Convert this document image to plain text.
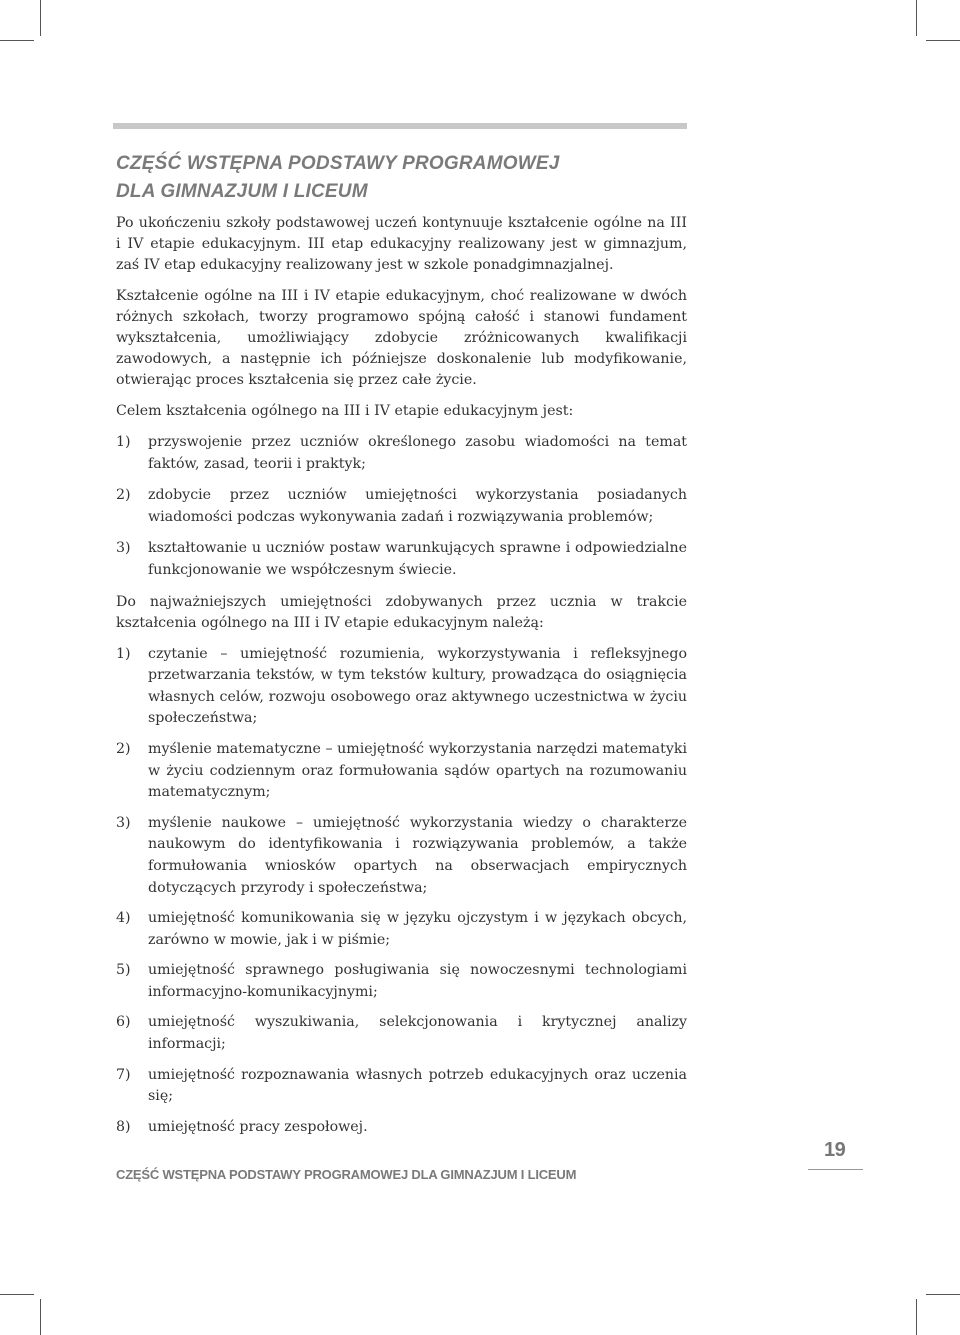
CZĘŚĆ WSTĘPNA PODSTAWY PROGRAMOWEJ
DLA GIMNAZJUM I LICEUM

Po ukończeniu szkoły podstawowej uczeń kontynuuje kształcenie ogólne na III i IV etapie edukacyjnym. III etap edukacyjny realizowany jest w gimnazjum, zaś IV etap edukacyjny realizowany jest w szkole ponadgimnazjalnej.

Kształcenie ogólne na III i IV etapie edukacyjnym, choć realizowane w dwóch różnych szkołach, tworzy programowo spójną całość i stanowi fundament wykształcenia, umożliwiający zdobycie zróżnicowanych kwalifikacji zawodowych, a następnie ich późniejsze doskonalenie lub modyfikowanie, otwierając proces kształcenia się przez całe życie.

Celem kształcenia ogólnego na III i IV etapie edukacyjnym jest:

1) przyswojenie przez uczniów określonego zasobu wiadomości na temat faktów, zasad, teorii i praktyk;
2) zdobycie przez uczniów umiejętności wykorzystania posiadanych wiadomości podczas wykonywania zadań i rozwiązywania problemów;
3) kształtowanie u uczniów postaw warunkujących sprawne i odpowiedzialne funkcjonowanie we współczesnym świecie.

Do najważniejszych umiejętności zdobywanych przez ucznia w trakcie kształcenia ogólnego na III i IV etapie edukacyjnym należą:

1) czytanie – umiejętność rozumienia, wykorzystywania i refleksyjnego przetwarzania tekstów, w tym tekstów kultury, prowadząca do osiągnięcia własnych celów, rozwoju osobowego oraz aktywnego uczestnictwa w życiu społeczeństwa;
2) myślenie matematyczne – umiejętność wykorzystania narzędzi matematyki w życiu codziennym oraz formułowania sądów opartych na rozumowaniu matematycznym;
3) myślenie naukowe – umiejętność wykorzystania wiedzy o charakterze naukowym do identyfikowania i rozwiązywania problemów, a także formułowania wniosków opartych na obserwacjach empirycznych dotyczących przyrody i społeczeństwa;
4) umiejętność komunikowania się w języku ojczystym i w językach obcych, zarówno w mowie, jak i w piśmie;
5) umiejętność sprawnego posługiwania się nowoczesnymi technologiami informacyjno-komunikacyjnymi;
6) umiejętność wyszukiwania, selekcjonowania i krytycznej analizy informacji;
7) umiejętność rozpoznawania własnych potrzeb edukacyjnych oraz uczenia się;
8) umiejętność pracy zespołowej.
19
CZĘŚĆ WSTĘPNA PODSTAWY PROGRAMOWEJ DLA GIMNAZJUM I LICEUM
